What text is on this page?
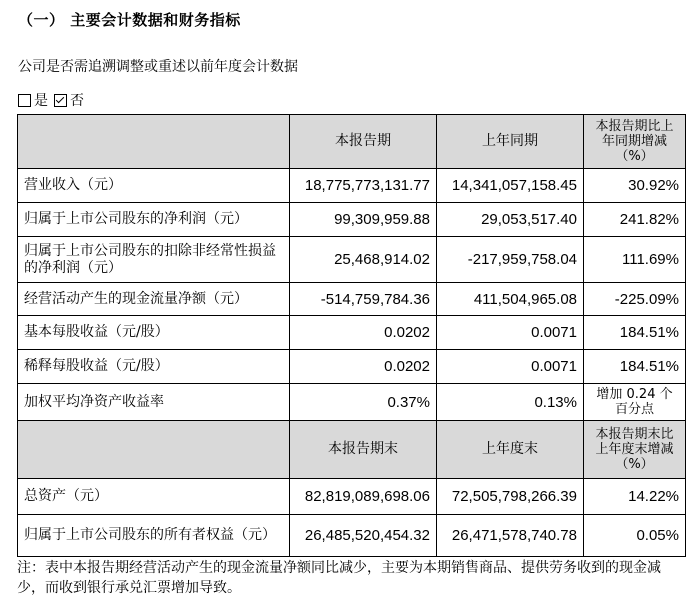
（一） 主要会计数据和财务指标
公司是否需追溯调整或重述以前年度会计数据
是 否
	本报告期	上年同期	本报告期比上年同期增减（%）
营业收入（元）	18,775,773,131.77	14,341,057,158.45	30.92%
归属于上市公司股东的净利润（元）	99,309,959.88	29,053,517.40	241.82%
归属于上市公司股东的扣除非经常性损益的净利润（元）	25,468,914.02	-217,959,758.04	111.69%
经营活动产生的现金流量净额（元）	-514,759,784.36	411,504,965.08	-225.09%
基本每股收益（元/股）	0.0202	0.0071	184.51%
稀释每股收益（元/股）	0.0202	0.0071	184.51%
加权平均净资产收益率	0.37%	0.13%	增加 0.24 个百分点
	本报告期末	上年度末	本报告期末比上年度末增减（%）
总资产（元）	82,819,089,698.06	72,505,798,266.39	14.22%
归属于上市公司股东的所有者权益（元）	26,485,520,454.32	26,471,578,740.78	0.05%
注：表中本报告期经营活动产生的现金流量净额同比减少，主要为本期销售商品、提供劳务收到的现金减少，而收到银行承兑汇票增加导致。
